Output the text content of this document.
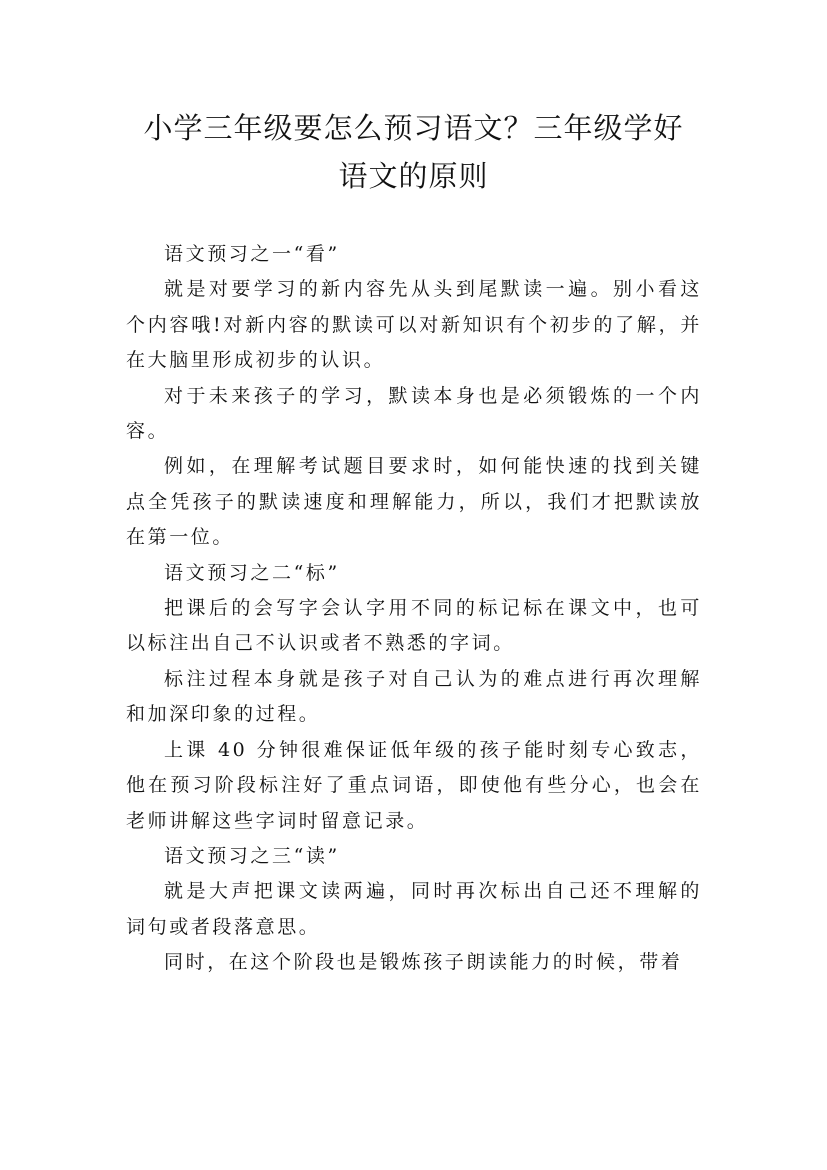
小学三年级要怎么预习语文？三年级学好
语文的原则

语文预习之一“看”

就是对要学习的新内容先从头到尾默读一遍。别小看这个内容哦!对新内容的默读可以对新知识有个初步的了解，并在大脑里形成初步的认识。

对于未来孩子的学习，默读本身也是必须锻炼的一个内容。

例如，在理解考试题目要求时，如何能快速的找到关键点全凭孩子的默读速度和理解能力，所以，我们才把默读放在第一位。

语文预习之二“标”

把课后的会写字会认字用不同的标记标在课文中，也可以标注出自己不认识或者不熟悉的字词。

标注过程本身就是孩子对自己认为的难点进行再次理解和加深印象的过程。

上课 40 分钟很难保证低年级的孩子能时刻专心致志，他在预习阶段标注好了重点词语，即使他有些分心，也会在老师讲解这些字词时留意记录。

语文预习之三“读”

就是大声把课文读两遍，同时再次标出自己还不理解的词句或者段落意思。

同时，在这个阶段也是锻炼孩子朗读能力的时候，带着
